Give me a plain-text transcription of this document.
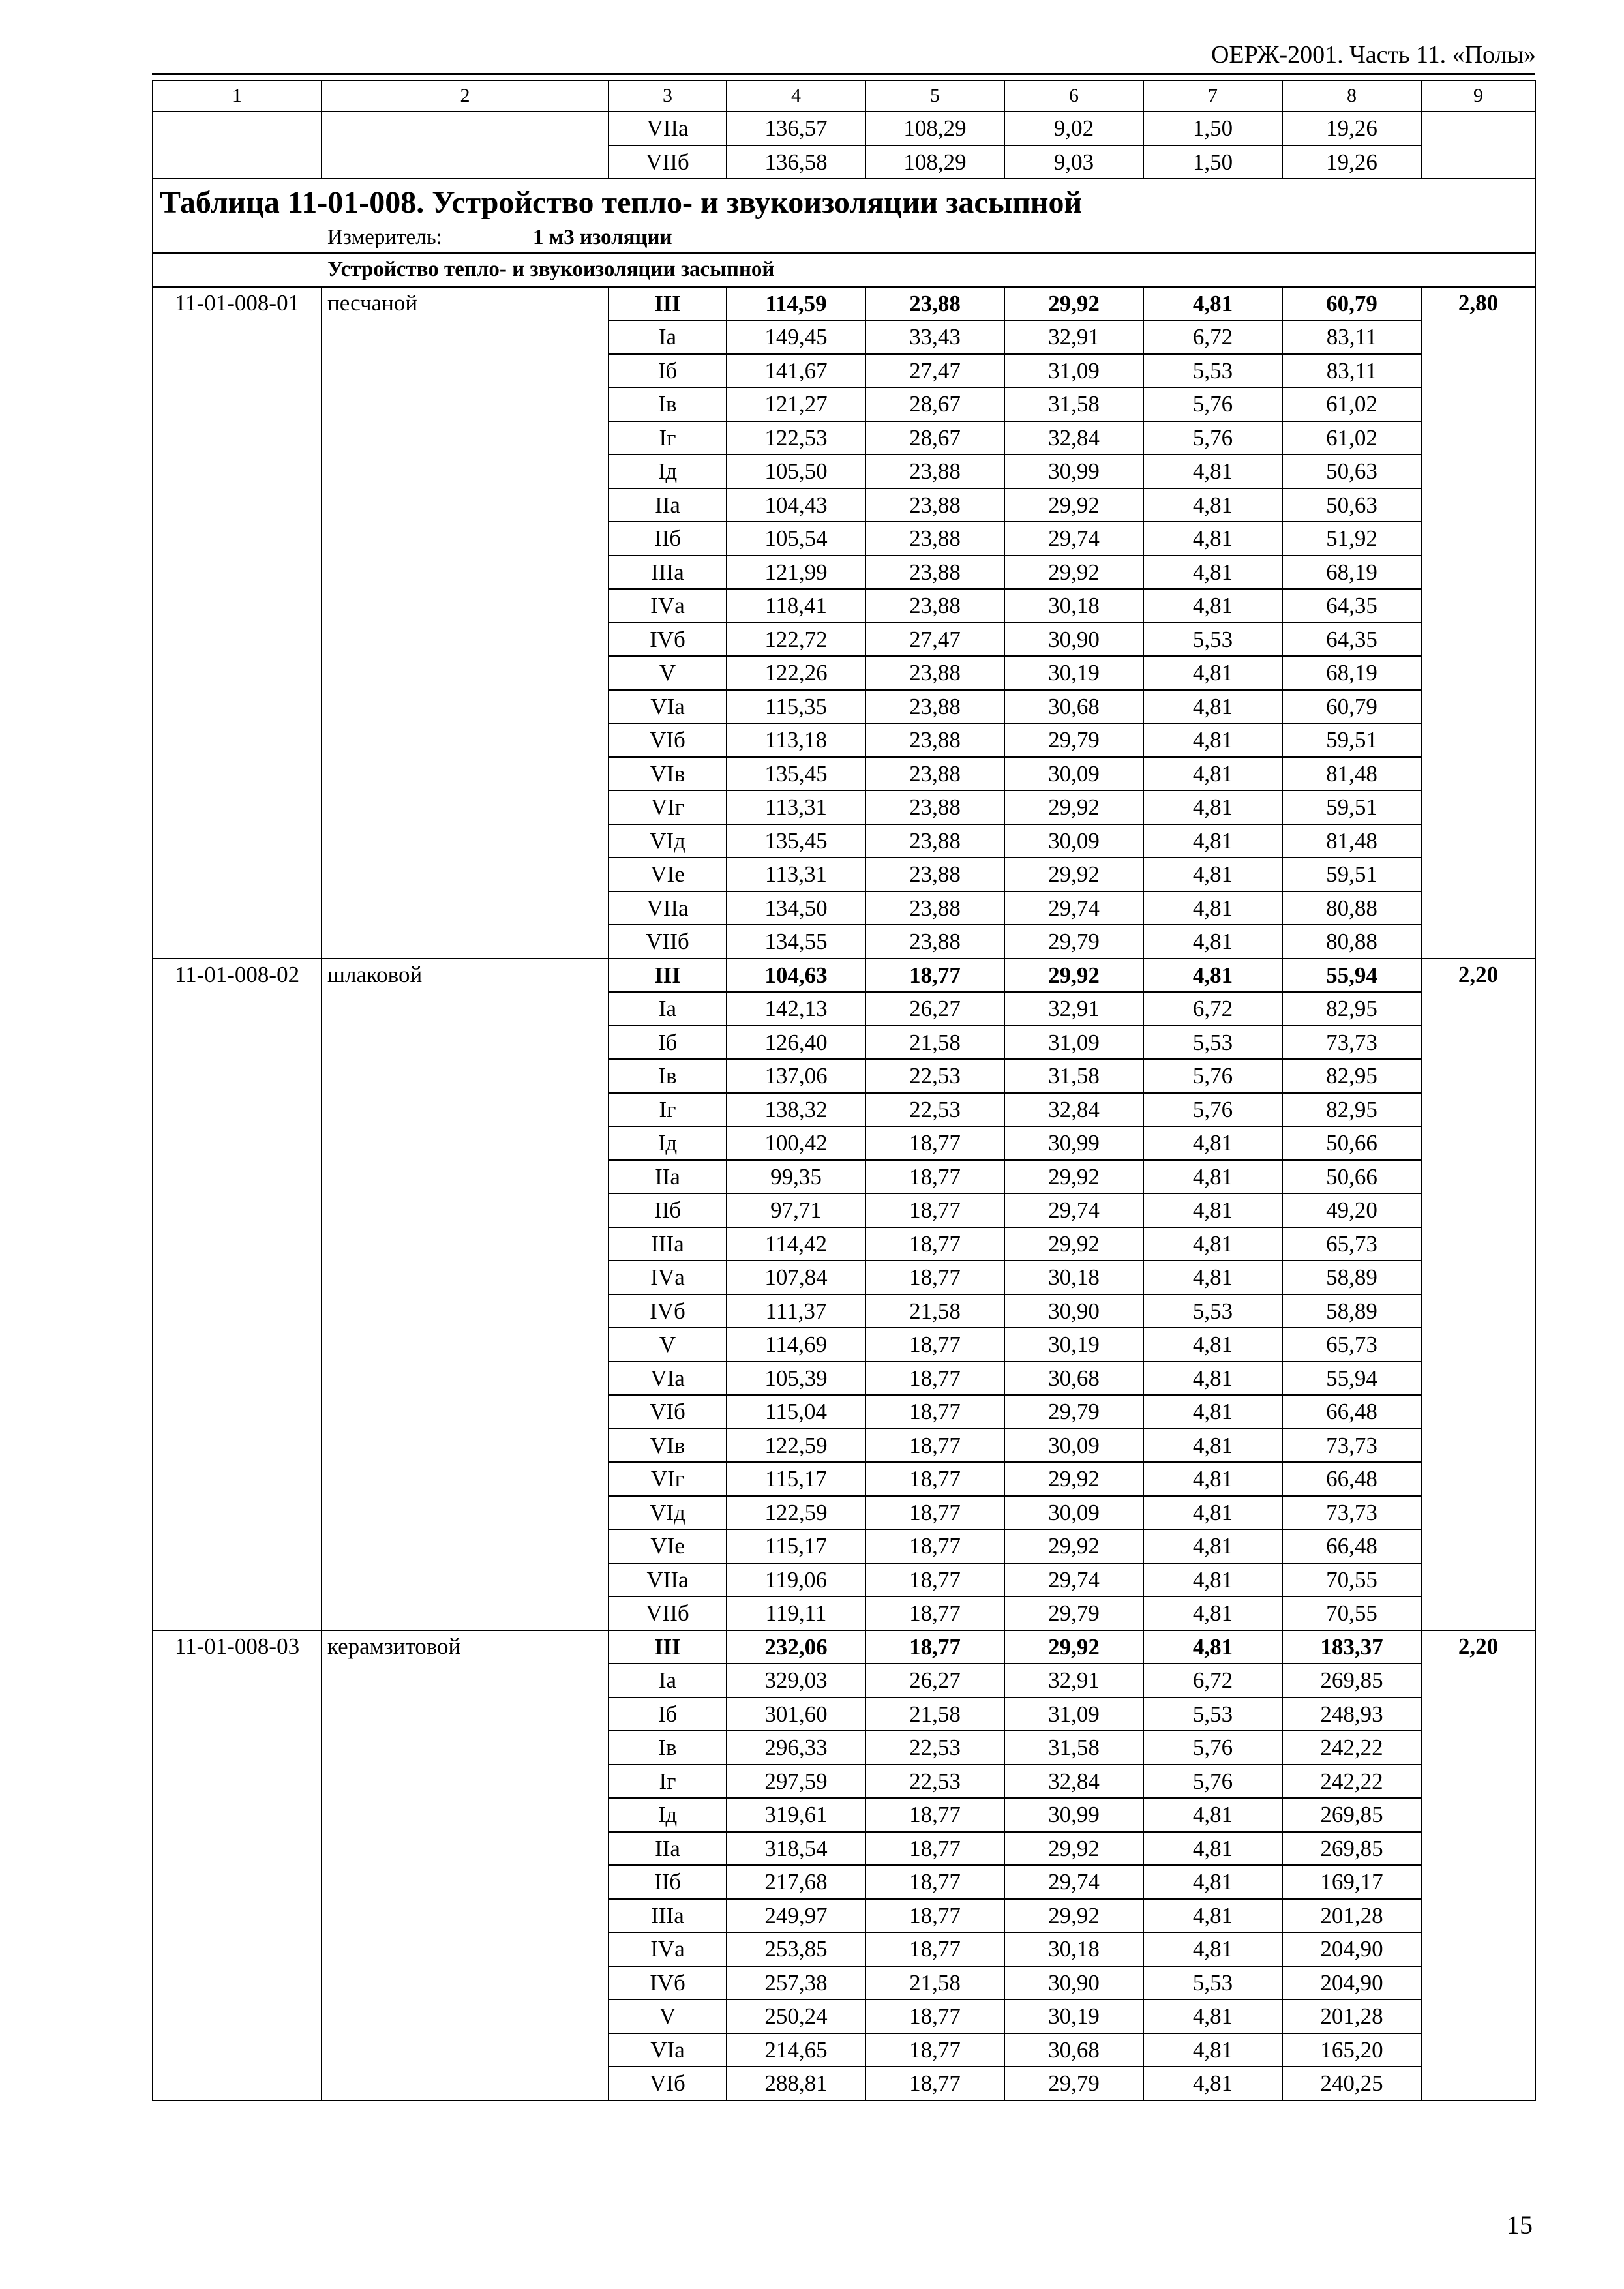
ОЕРЖ-2001. Часть 11. «Полы»
1	2	3	4	5	6	7	8	9
		VIIа	136,57	108,29	9,02	1,50	19,26	
		VIIб	136,58	108,29	9,03	1,50	19,26	

Таблица 11-01-008. Устройство тепло- и звукоизоляции засыпной
Измеритель: 1 м3 изоляции								

Устройство тепло- и звукоизоляции засыпной								
11-01-008-01	песчаной	III	114,59	23,88	29,92	4,81	60,79	2,80
		Iа	149,45	33,43	32,91	6,72	83,11	
		Iб	141,67	27,47	31,09	5,53	83,11	
		Iв	121,27	28,67	31,58	5,76	61,02	
		Iг	122,53	28,67	32,84	5,76	61,02	
		Iд	105,50	23,88	30,99	4,81	50,63	
		IIа	104,43	23,88	29,92	4,81	50,63	
		IIб	105,54	23,88	29,74	4,81	51,92	
		IIIа	121,99	23,88	29,92	4,81	68,19	
		IVа	118,41	23,88	30,18	4,81	64,35	
		IVб	122,72	27,47	30,90	5,53	64,35	
		V	122,26	23,88	30,19	4,81	68,19	
		VIа	115,35	23,88	30,68	4,81	60,79	
		VIб	113,18	23,88	29,79	4,81	59,51	
		VIв	135,45	23,88	30,09	4,81	81,48	
		VIг	113,31	23,88	29,92	4,81	59,51	
		VIд	135,45	23,88	30,09	4,81	81,48	
		VIе	113,31	23,88	29,92	4,81	59,51	
		VIIа	134,50	23,88	29,74	4,81	80,88	
		VIIб	134,55	23,88	29,79	4,81	80,88	
11-01-008-02	шлаковой	III	104,63	18,77	29,92	4,81	55,94	2,20
		Iа	142,13	26,27	32,91	6,72	82,95	
		Iб	126,40	21,58	31,09	5,53	73,73	
		Iв	137,06	22,53	31,58	5,76	82,95	
		Iг	138,32	22,53	32,84	5,76	82,95	
		Iд	100,42	18,77	30,99	4,81	50,66	
		IIа	99,35	18,77	29,92	4,81	50,66	
		IIб	97,71	18,77	29,74	4,81	49,20	
		IIIа	114,42	18,77	29,92	4,81	65,73	
		IVа	107,84	18,77	30,18	4,81	58,89	
		IVб	111,37	21,58	30,90	5,53	58,89	
		V	114,69	18,77	30,19	4,81	65,73	
		VIа	105,39	18,77	30,68	4,81	55,94	
		VIб	115,04	18,77	29,79	4,81	66,48	
		VIв	122,59	18,77	30,09	4,81	73,73	
		VIг	115,17	18,77	29,92	4,81	66,48	
		VIд	122,59	18,77	30,09	4,81	73,73	
		VIе	115,17	18,77	29,92	4,81	66,48	
		VIIа	119,06	18,77	29,74	4,81	70,55	
		VIIб	119,11	18,77	29,79	4,81	70,55	
11-01-008-03	керамзитовой	III	232,06	18,77	29,92	4,81	183,37	2,20
		Iа	329,03	26,27	32,91	6,72	269,85	
		Iб	301,60	21,58	31,09	5,53	248,93	
		Iв	296,33	22,53	31,58	5,76	242,22	
		Iг	297,59	22,53	32,84	5,76	242,22	
		Iд	319,61	18,77	30,99	4,81	269,85	
		IIа	318,54	18,77	29,92	4,81	269,85	
		IIб	217,68	18,77	29,74	4,81	169,17	
		IIIа	249,97	18,77	29,92	4,81	201,28	
		IVа	253,85	18,77	30,18	4,81	204,90	
		IVб	257,38	21,58	30,90	5,53	204,90	
		V	250,24	18,77	30,19	4,81	201,28	
		VIа	214,65	18,77	30,68	4,81	165,20	
		VIб	288,81	18,77	29,79	4,81	240,25	
15
